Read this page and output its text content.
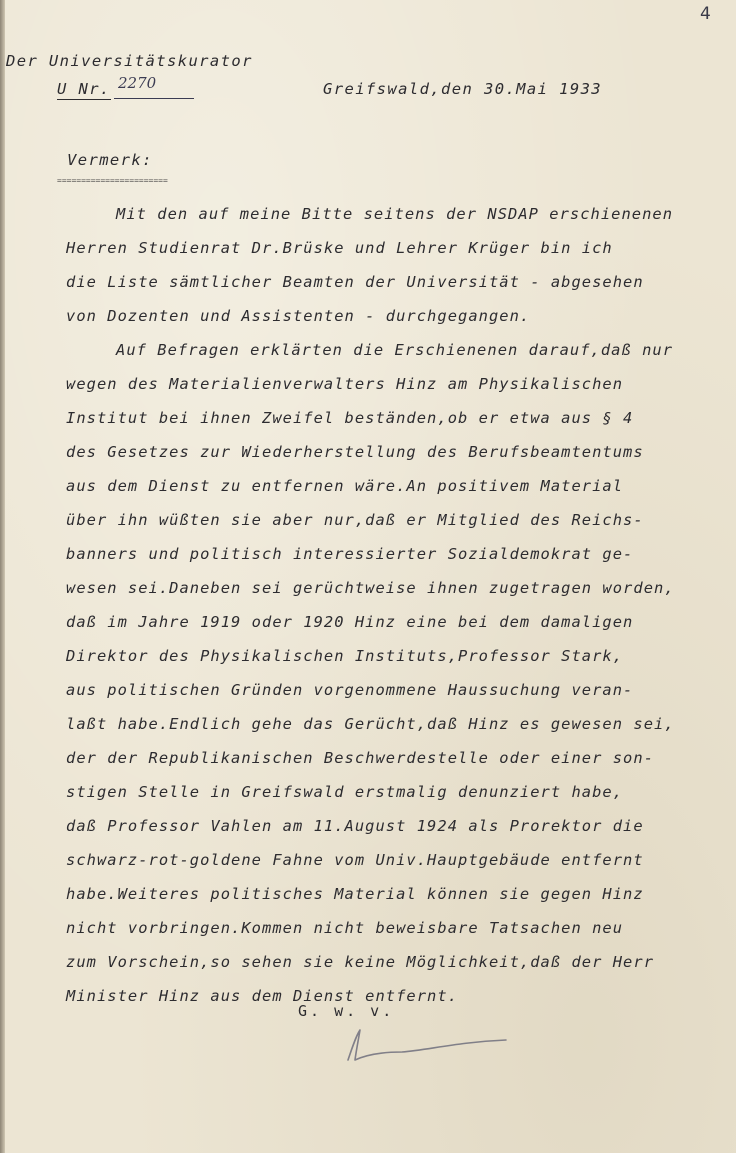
4
Der Universitätskurator
U Nr. 2270	Greifswald,den 30.Mai 1933
Vermerk:
=======================
Mit den auf meine Bitte seitens der NSDAP erschienenen
Herren Studienrat Dr.Brüske und Lehrer Krüger bin ich
die Liste sämtlicher Beamten der Universität - abgesehen
von Dozenten und Assistenten - durchgegangen.
Auf Befragen erklärten die Erschienenen darauf,daß nur
wegen des Materialienverwalters Hinz am Physikalischen
Institut bei ihnen Zweifel beständen,ob er etwa aus § 4
des Gesetzes zur Wiederherstellung des Berufsbeamtentums
aus dem Dienst zu entfernen wäre.An positivem Material
über ihn wüßten sie aber nur,daß er Mitglied des Reichs-
banners und politisch interessierter Sozialdemokrat ge-
wesen sei.Daneben sei gerüchtweise ihnen zugetragen worden,
daß im Jahre 1919 oder 1920 Hinz eine bei dem damaligen
Direktor des Physikalischen Instituts,Professor Stark,
aus politischen Gründen vorgenommene Haussuchung veran-
laßt habe.Endlich gehe das Gerücht,daß Hinz es gewesen sei,
der der Republikanischen Beschwerdestelle oder einer son-
stigen Stelle in Greifswald erstmalig denunziert habe,
daß Professor Vahlen am 11.August 1924 als Prorektor die
schwarz-rot-goldene Fahne vom Univ.Hauptgebäude entfernt
habe.Weiteres politisches Material können sie gegen Hinz
nicht vorbringen.Kommen nicht beweisbare Tatsachen neu
zum Vorschein,so sehen sie keine Möglichkeit,daß der Herr
Minister Hinz aus dem Dienst entfernt.
G. w. v.
